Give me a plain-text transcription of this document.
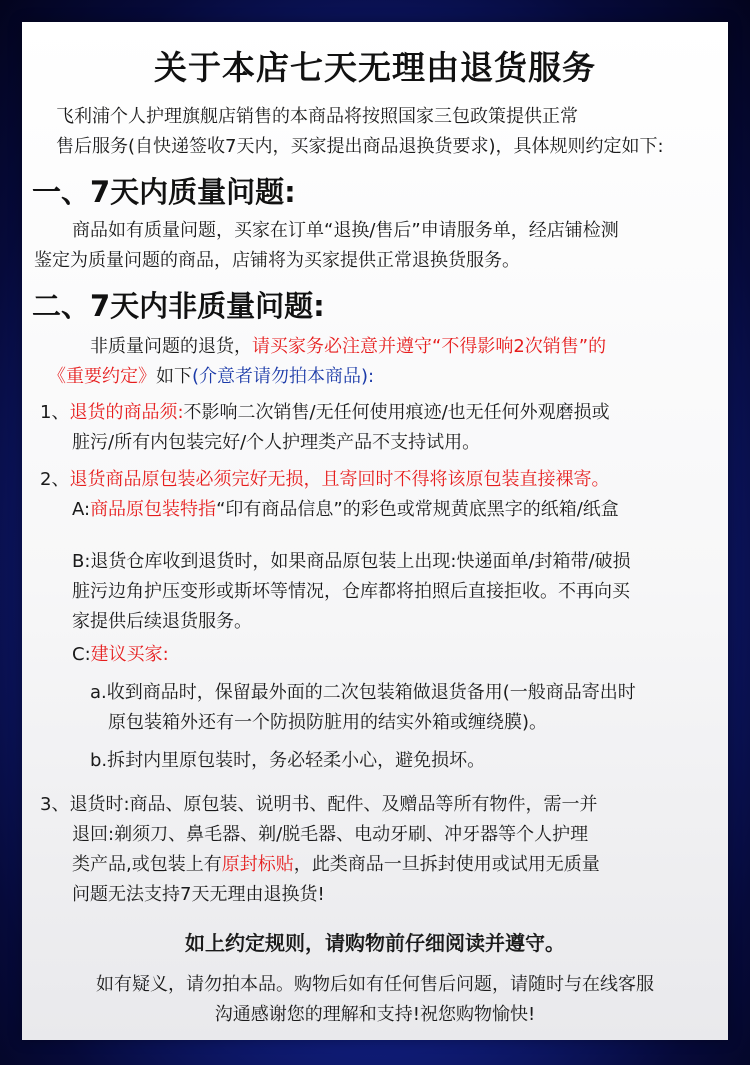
关于本店七天无理由退货服务
飞利浦个人护理旗舰店销售的本商品将按照国家三包政策提供正常
售后服务(自快递签收7天内，买家提出商品退换货要求)，具体规则约定如下:
一、7天内质量问题:
商品如有质量问题，买家在订单“退换/售后”申请服务单，经店铺检测
鉴定为质量问题的商品，店铺将为买家提供正常退换货服务。
二、7天内非质量问题:
非质量问题的退货，请买家务必注意并遵守“不得影响2次销售”的
《重要约定》如下(介意者请勿拍本商品):
1、退货的商品须:不影响二次销售/无任何使用痕迹/也无任何外观磨损或
脏污/所有内包装完好/个人护理类产品不支持试用。
2、退货商品原包装必须完好无损，且寄回时不得将该原包装直接裸寄。
A:商品原包装特指“印有商品信息”的彩色或常规黄底黑字的纸箱/纸盒
B:退货仓库收到退货时，如果商品原包装上出现:快递面单/封箱带/破损
脏污边角护压变形或斯坏等情况，仓库都将拍照后直接拒收。不再向买
家提供后续退货服务。
C:建议买家:
a.收到商品时，保留最外面的二次包装箱做退货备用(一般商品寄出时
原包装箱外还有一个防损防脏用的结实外箱或缠绕膜)。
b.拆封内里原包装时，务必轻柔小心，避免损坏。
3、退货时:商品、原包装、说明书、配件、及赠品等所有物件，需一并
退回:剃须刀、鼻毛器、剃/脱毛器、电动牙刷、冲牙器等个人护理
类产品,或包装上有原封标贴，此类商品一旦拆封使用或试用无质量
问题无法支持7天无理由退换货!
如上约定规则，请购物前仔细阅读并遵守。
如有疑义，请勿拍本品。购物后如有任何售后问题，请随时与在线客服
沟通感谢您的理解和支持!祝您购物愉快!
